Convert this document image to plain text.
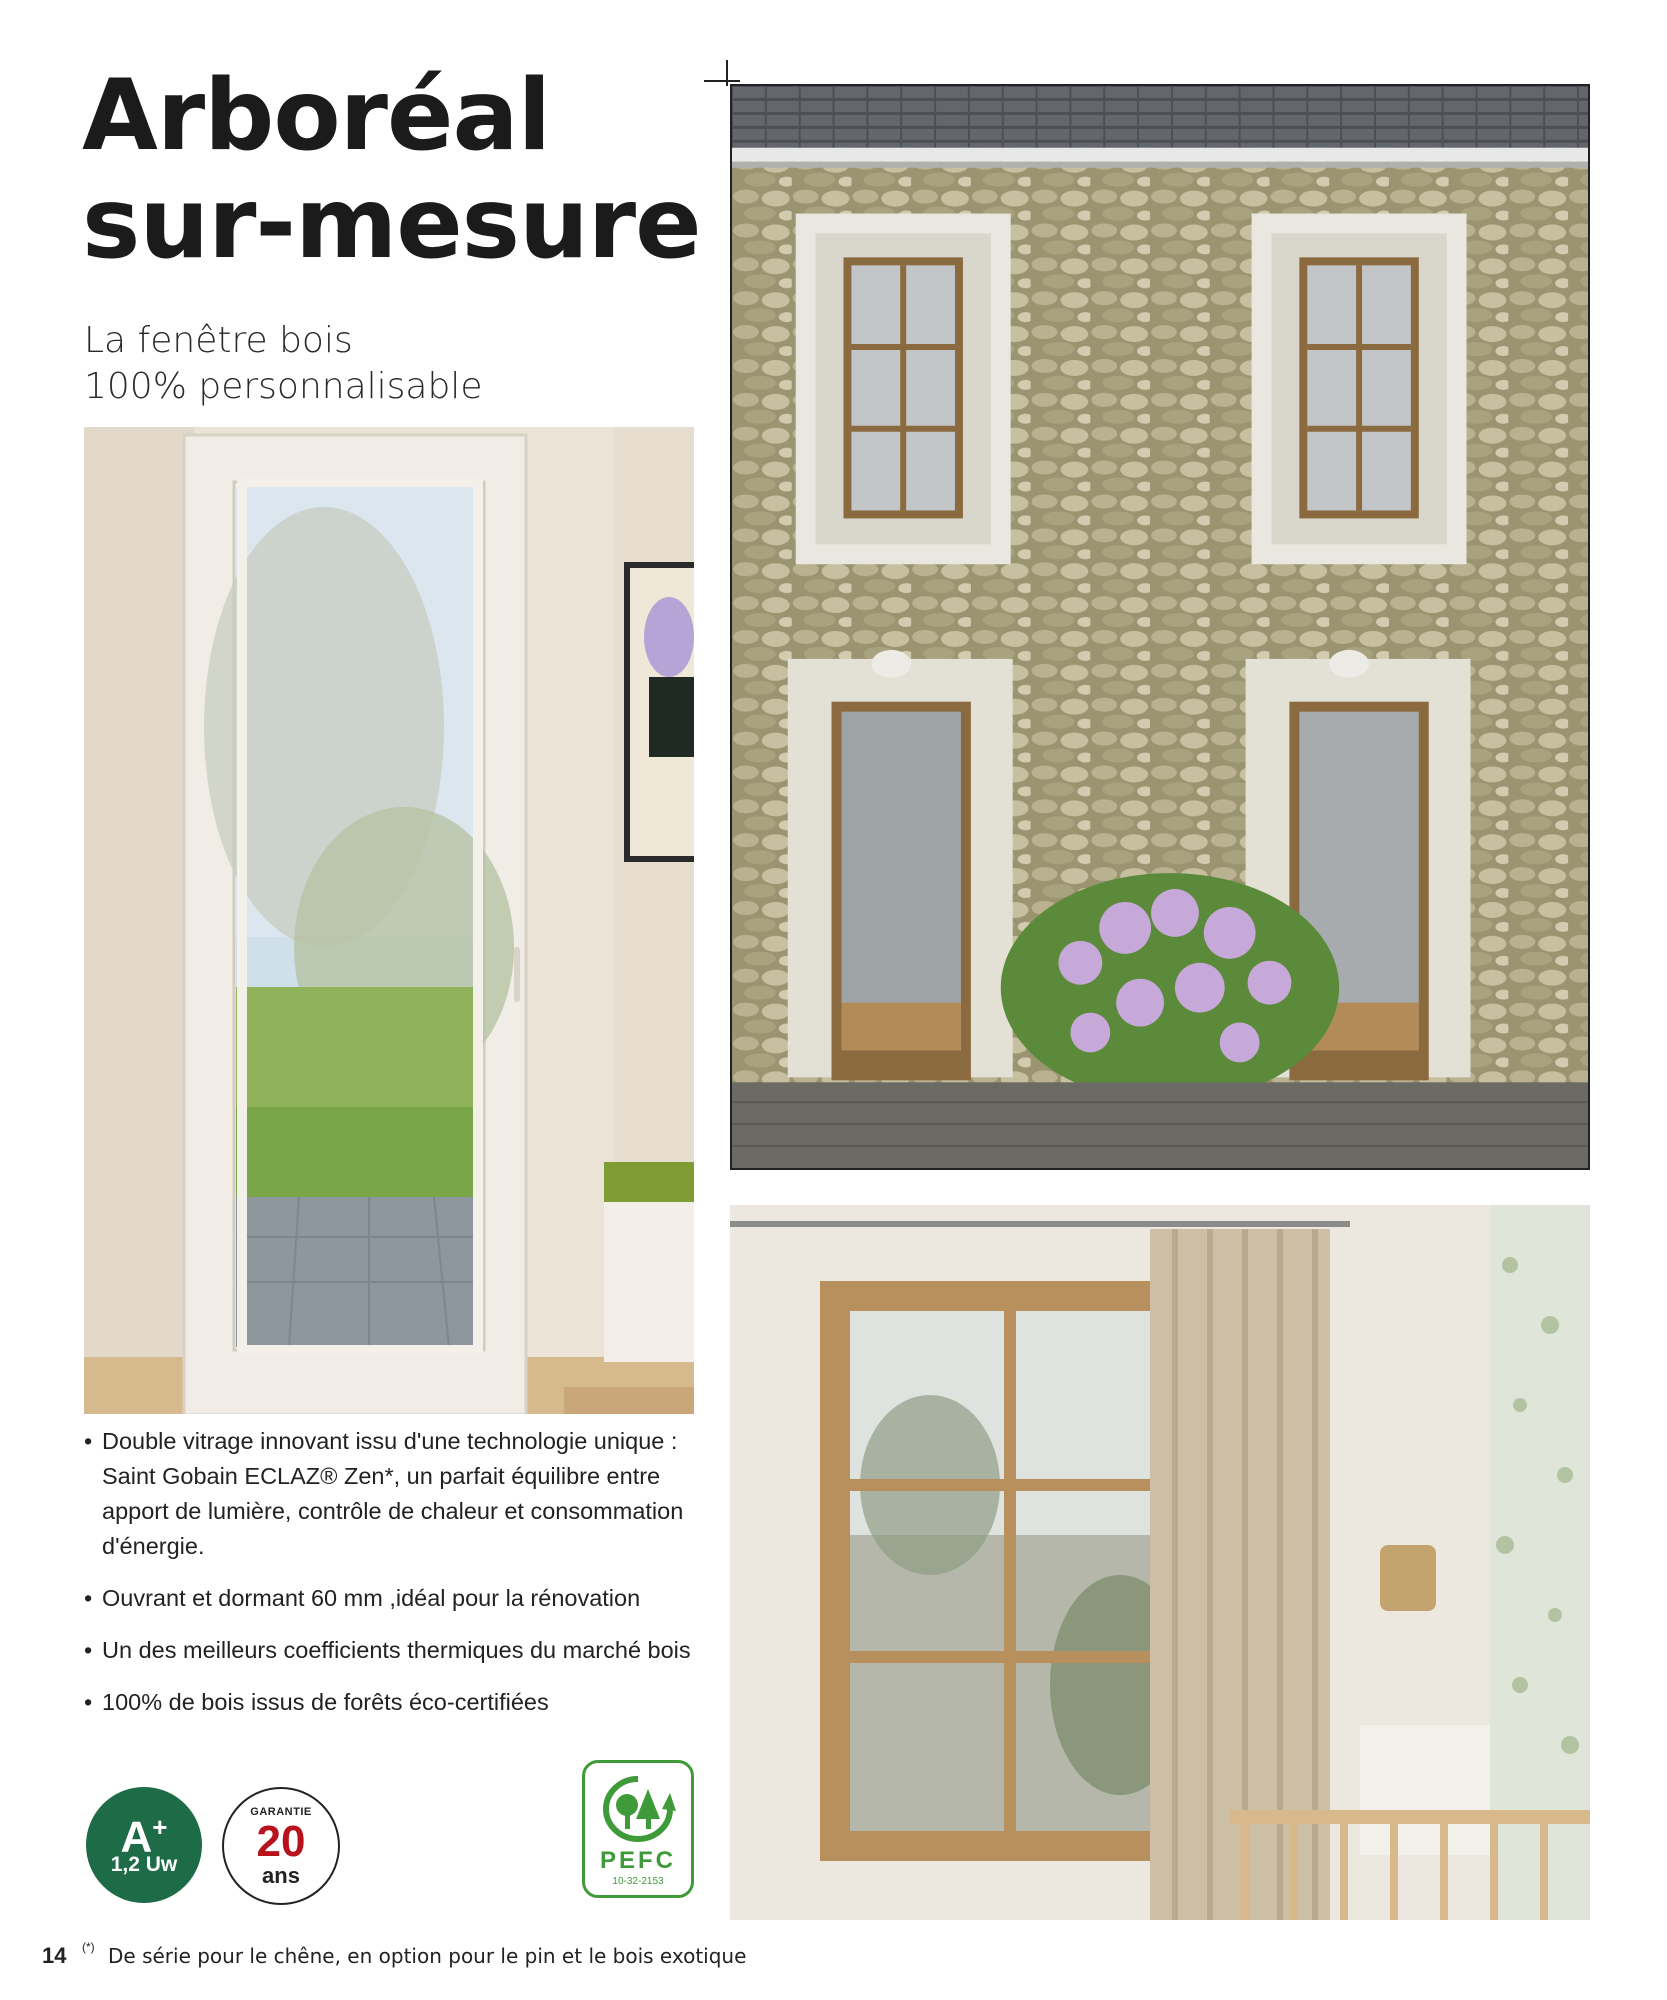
Arboréal
sur-mesure

La fenêtre bois
100% personnalisable

• Double vitrage innovant issu d'une technologie unique : Saint Gobain ECLAZ® Zen*, un parfait équilibre entre apport de lumière, contrôle de chaleur et consommation d'énergie.
• Ouvrant et dormant 60 mm ,idéal pour la rénovation
• Un des meilleurs coefficients thermiques du marché bois
• 100% de bois issus de forêts éco-certifiées
A+
1,2 Uw
GARANTIE
20
ans
PEFC
10-32-2153
14 (*) De série pour le chêne, en option pour le pin et le bois exotique
